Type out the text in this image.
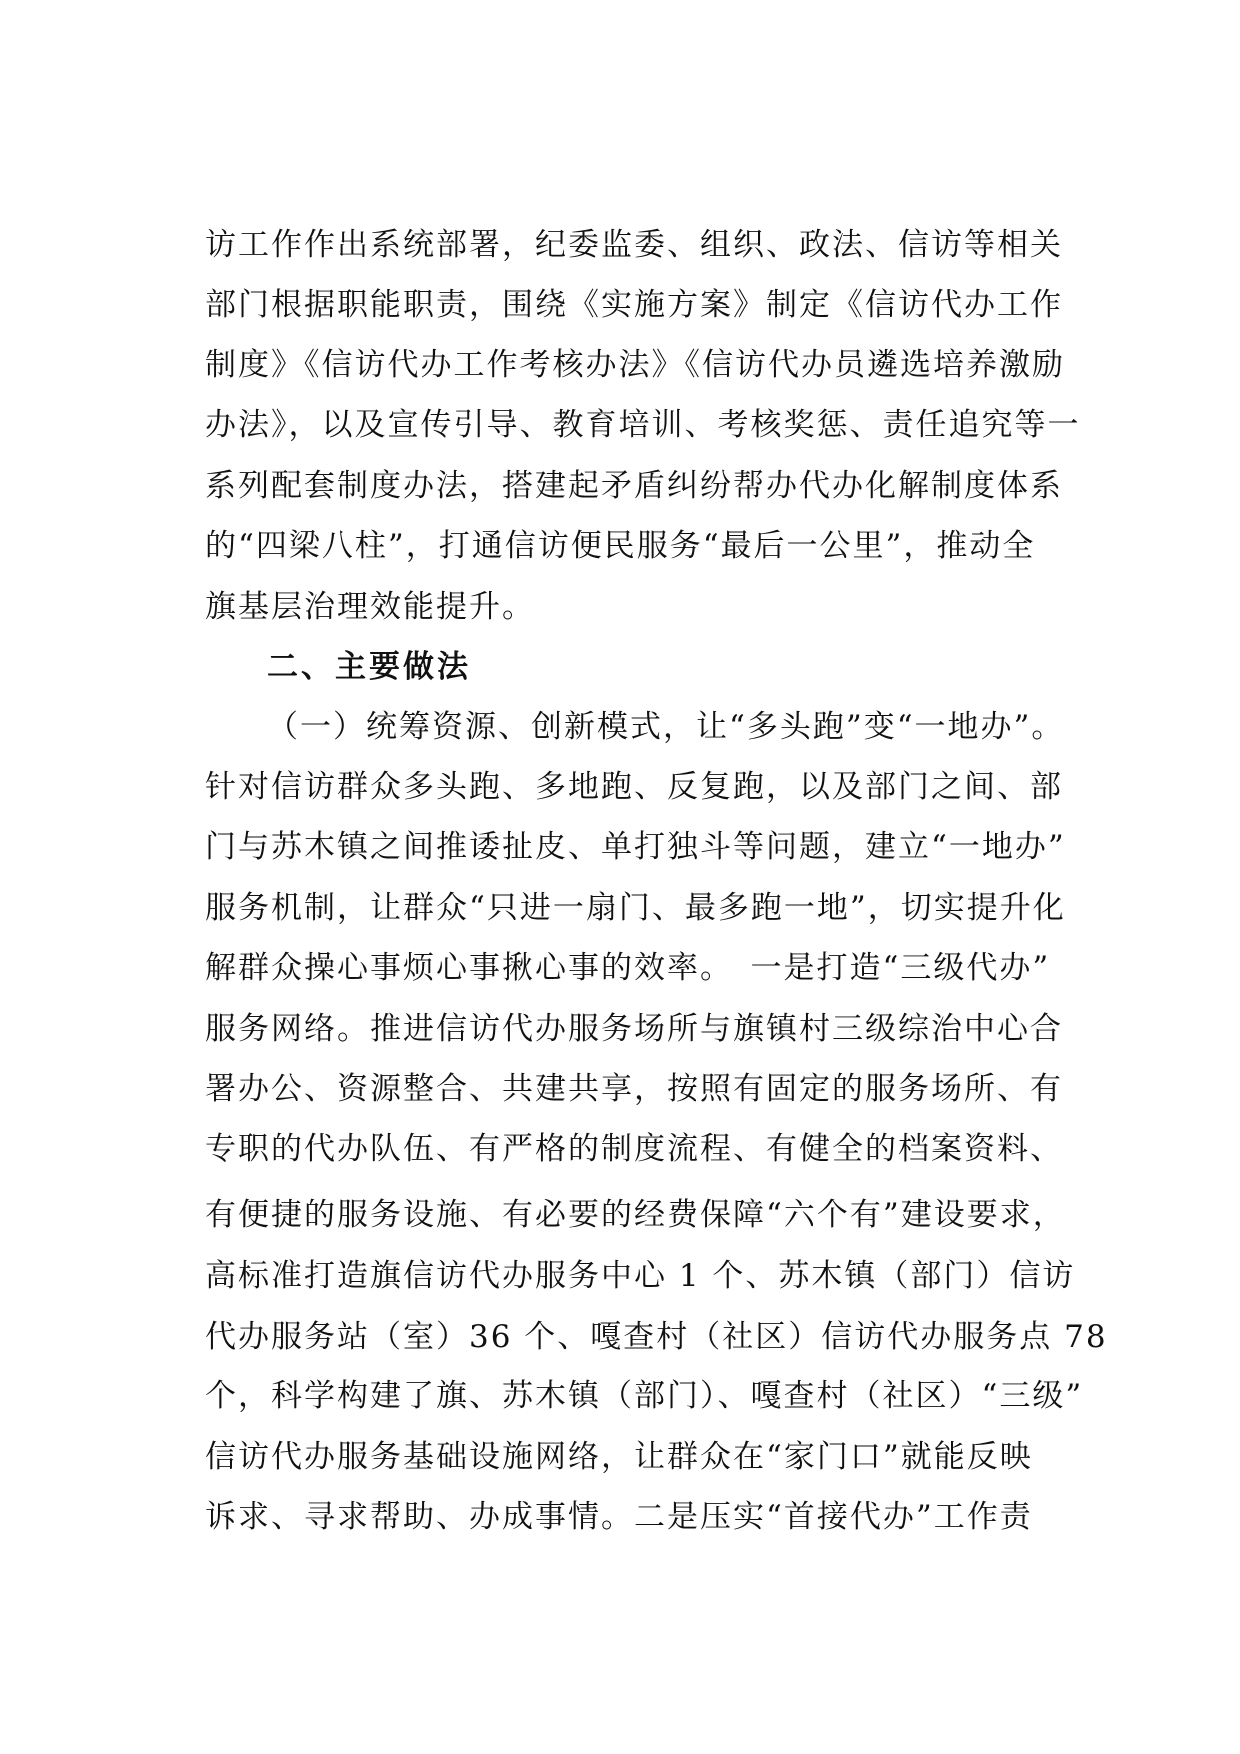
访工作作出系统部署，纪委监委、组织、政法、信访等相关
部门根据职能职责，围绕《实施方案》制定《信访代办工作
制度》《信访代办工作考核办法》《信访代办员遴选培养激励
办法》，以及宣传引导、教育培训、考核奖惩、责任追究等一
系列配套制度办法，搭建起矛盾纠纷帮办代办化解制度体系
的“四梁八柱”，打通信访便民服务“最后一公里”，推动全
旗基层治理效能提升。
二、主要做法
（一）统筹资源、创新模式，让“多头跑”变“一地办”。
针对信访群众多头跑、多地跑、反复跑，以及部门之间、部
门与苏木镇之间推诿扯皮、单打独斗等问题，建立“一地办”
服务机制，让群众“只进一扇门、最多跑一地”，切实提升化
解群众操心事烦心事揪心事的效率。　一是打造“三级代办”
服务网络。推进信访代办服务场所与旗镇村三级综治中心合
署办公、资源整合、共建共享，按照有固定的服务场所、有
专职的代办队伍、有严格的制度流程、有健全的档案资料、
有便捷的服务设施、有必要的经费保障“六个有”建设要求，
高标准打造旗信访代办服务中心 1 个、苏木镇（部门）信访
代办服务站（室）36 个、嘎查村（社区）信访代办服务点 78
个，科学构建了旗、苏木镇（部门）、嘎查村（社区）“三级”
信访代办服务基础设施网络，让群众在“家门口”就能反映
诉求、寻求帮助、办成事情。二是压实“首接代办”工作责
